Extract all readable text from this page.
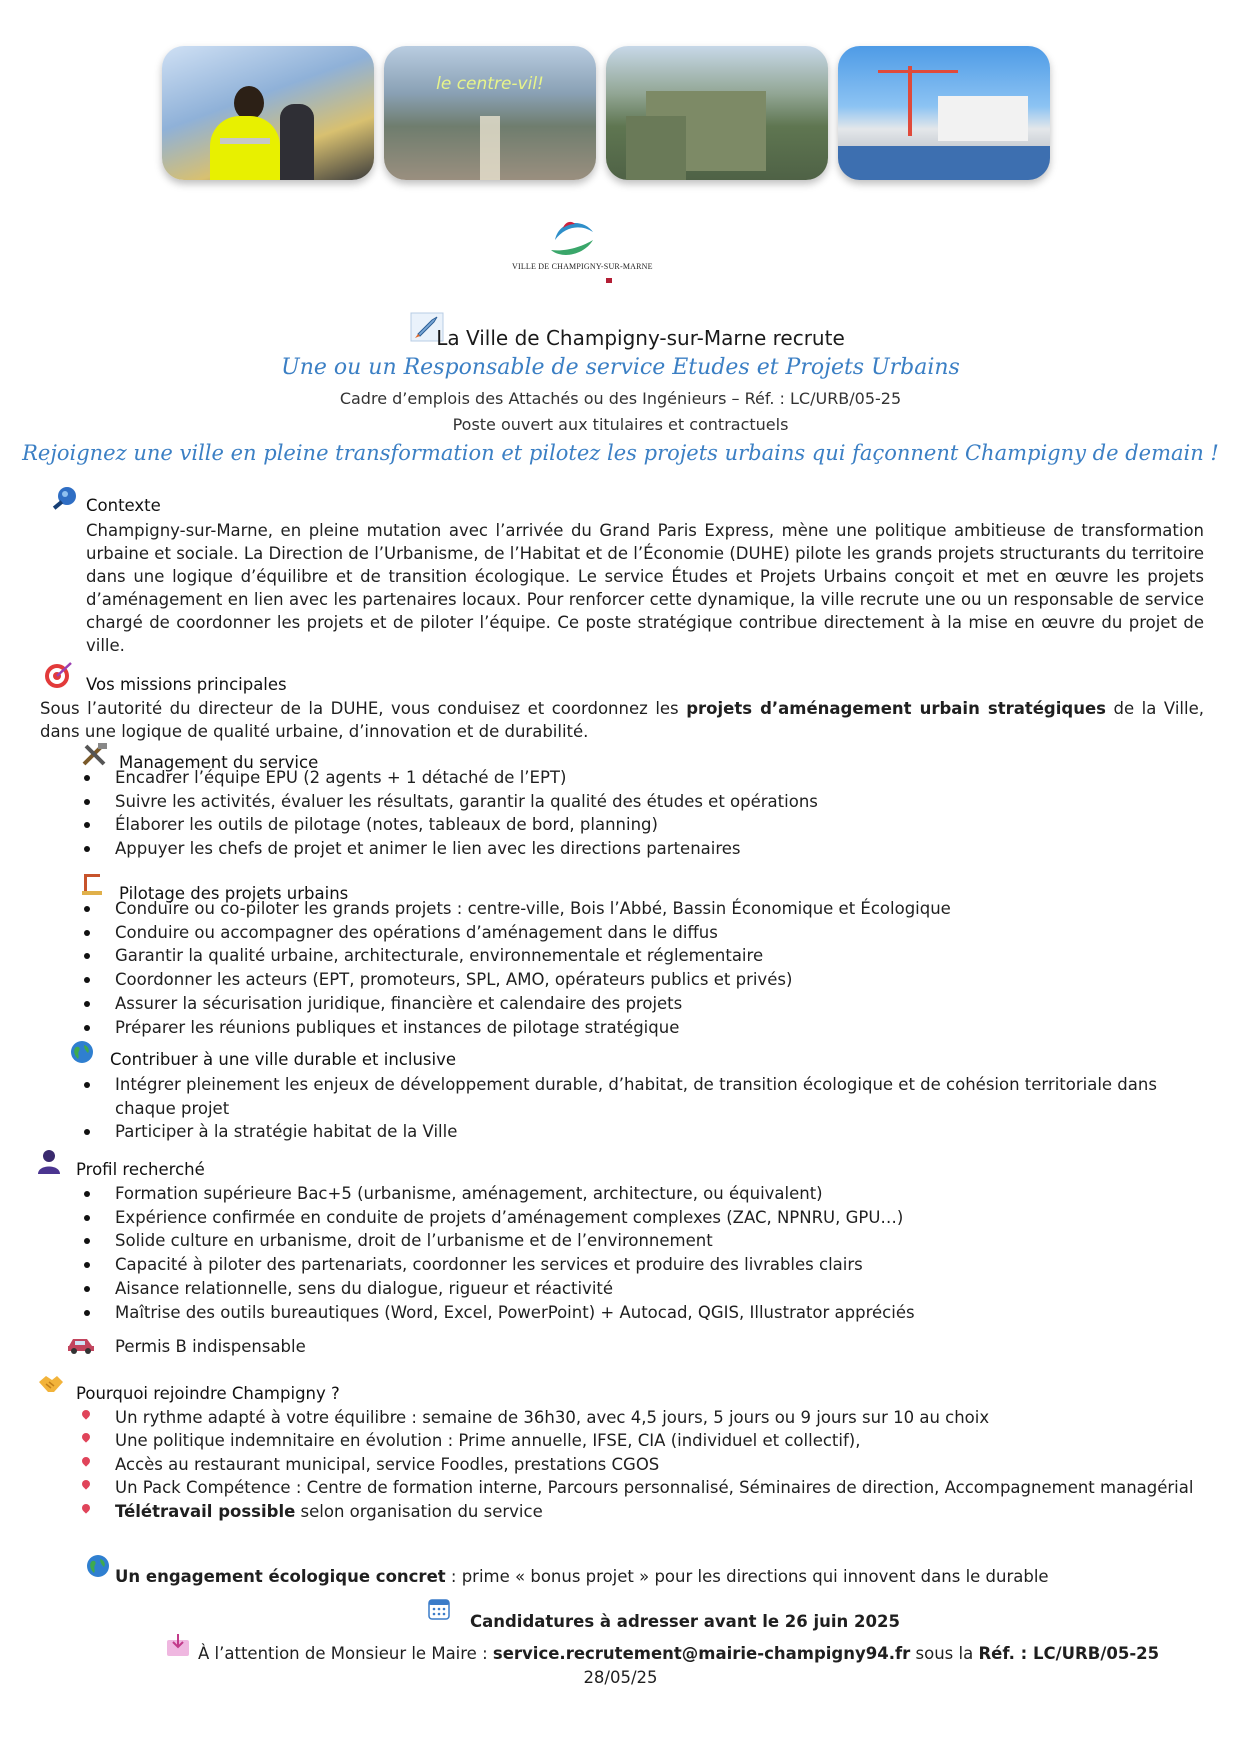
le centre-vil!
VILLE DE CHAMPIGNY-SUR-MARNE
La Ville de Champigny-sur-Marne recrute
Une ou un Responsable de service Etudes et Projets Urbains
Cadre d’emplois des Attachés ou des Ingénieurs – Réf. : LC/URB/05-25
Poste ouvert aux titulaires et contractuels
Rejoignez une ville en pleine transformation et pilotez les projets urbains qui façonnent Champigny de demain !
Contexte
Champigny-sur-Marne, en pleine mutation avec l’arrivée du Grand Paris Express, mène une politique ambitieuse de transformation urbaine et sociale. La Direction de l’Urbanisme, de l’Habitat et de l’Économie (DUHE) pilote les grands projets structurants du territoire dans une logique d’équilibre et de transition écologique. Le service Études et Projets Urbains conçoit et met en œuvre les projets d’aménagement en lien avec les partenaires locaux. Pour renforcer cette dynamique, la ville recrute une ou un responsable de service chargé de coordonner les projets et de piloter l’équipe. Ce poste stratégique contribue directement à la mise en œuvre du projet de ville.
Vos missions principales
Sous l’autorité du directeur de la DUHE, vous conduisez et coordonnez les projets d’aménagement urbain stratégiques de la Ville, dans une logique de qualité urbaine, d’innovation et de durabilité.
Management du service
Encadrer l’équipe EPU (2 agents + 1 détaché de l’EPT)
Suivre les activités, évaluer les résultats, garantir la qualité des études et opérations
Élaborer les outils de pilotage (notes, tableaux de bord, planning)
Appuyer les chefs de projet et animer le lien avec les directions partenaires
Pilotage des projets urbains
Conduire ou co-piloter les grands projets : centre-ville, Bois l’Abbé, Bassin Économique et Écologique
Conduire ou accompagner des opérations d’aménagement dans le diffus
Garantir la qualité urbaine, architecturale, environnementale et réglementaire
Coordonner les acteurs (EPT, promoteurs, SPL, AMO, opérateurs publics et privés)
Assurer la sécurisation juridique, financière et calendaire des projets
Préparer les réunions publiques et instances de pilotage stratégique
Contribuer à une ville durable et inclusive
Intégrer pleinement les enjeux de développement durable, d’habitat, de transition écologique et de cohésion territoriale dans chaque projet
Participer à la stratégie habitat de la Ville
Profil recherché
Formation supérieure Bac+5 (urbanisme, aménagement, architecture, ou équivalent)
Expérience confirmée en conduite de projets d’aménagement complexes (ZAC, NPNRU, GPU…)
Solide culture en urbanisme, droit de l’urbanisme et de l’environnement
Capacité à piloter des partenariats, coordonner les services et produire des livrables clairs
Aisance relationnelle, sens du dialogue, rigueur et réactivité
Maîtrise des outils bureautiques (Word, Excel, PowerPoint) + Autocad, QGIS, Illustrator appréciés
Permis B indispensable
Pourquoi rejoindre Champigny ?
Un rythme adapté à votre équilibre : semaine de 36h30, avec 4,5 jours, 5 jours ou 9 jours sur 10 au choix
Une politique indemnitaire en évolution : Prime annuelle, IFSE, CIA (individuel et collectif),
Accès au restaurant municipal, service Foodles, prestations CGOS
Un Pack Compétence : Centre de formation interne, Parcours personnalisé, Séminaires de direction, Accompagnement managérial
Télétravail possible selon organisation du service
Un engagement écologique concret : prime « bonus projet » pour les directions qui innovent dans le durable
Candidatures à adresser avant le 26 juin 2025
À l’attention de Monsieur le Maire : service.recrutement@mairie-champigny94.fr sous la Réf. : LC/URB/05-25
28/05/25
